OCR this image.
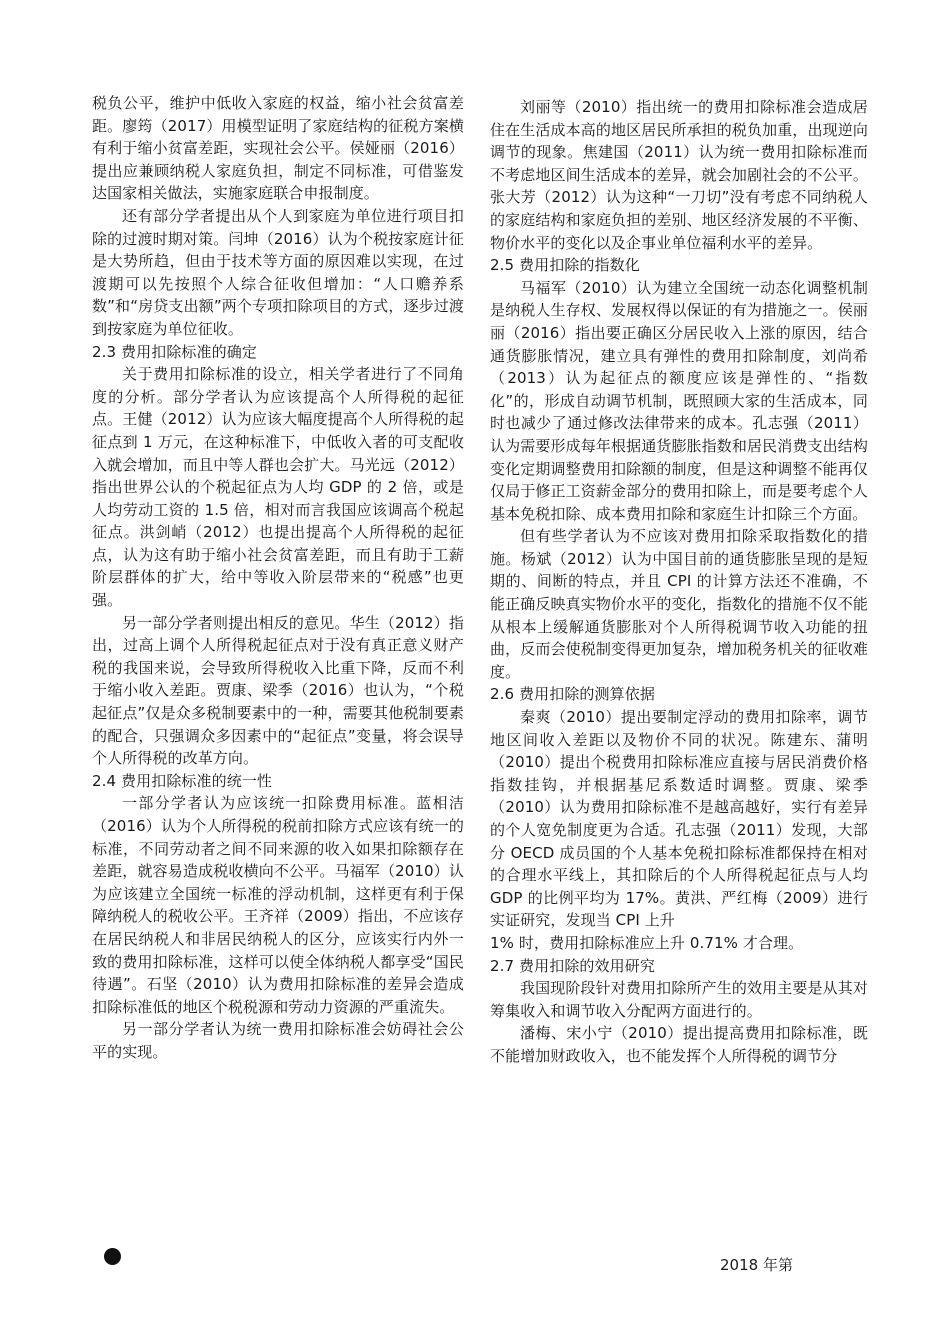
税负公平，维护中低收入家庭的权益，缩小社会贫富差距。廖筠（2017）用模型证明了家庭结构的征税方案横有利于缩小贫富差距，实现社会公平。侯娅丽（2016）提出应兼顾纳税人家庭负担，制定不同标准，可借鉴发达国家相关做法，实施家庭联合申报制度。

还有部分学者提出从个人到家庭为单位进行项目扣除的过渡时期对策。闫坤（2016）认为个税按家庭计征是大势所趋，但由于技术等方面的原因难以实现，在过渡期可以先按照个人综合征收但增加：“人口赡养系数”和“房贷支出额”两个专项扣除项目的方式，逐步过渡到按家庭为单位征收。

2.3 费用扣除标准的确定

关于费用扣除标准的设立，相关学者进行了不同角度的分析。部分学者认为应该提高个人所得税的起征点。王健（2012）认为应该大幅度提高个人所得税的起征点到 1 万元，在这种标准下，中低收入者的可支配收入就会增加，而且中等人群也会扩大。马光远（2012）指出世界公认的个税起征点为人均 GDP 的 2 倍，或是人均劳动工资的 1.5 倍，相对而言我国应该调高个税起征点。洪剑峭（2012）也提出提高个人所得税的起征点，认为这有助于缩小社会贫富差距，而且有助于工薪阶层群体的扩大，给中等收入阶层带来的“税感”也更强。

另一部分学者则提出相反的意见。华生（2012）指出，过高上调个人所得税起征点对于没有真正意义财产税的我国来说，会导致所得税收入比重下降，反而不利于缩小收入差距。贾康、梁季（2016）也认为，“个税起征点”仅是众多税制要素中的一种，需要其他税制要素的配合，只强调众多因素中的“起征点”变量，将会误导个人所得税的改革方向。

2.4 费用扣除标准的统一性

一部分学者认为应该统一扣除费用标准。蓝相洁（2016）认为个人所得税的税前扣除方式应该有统一的标准，不同劳动者之间不同来源的收入如果扣除额存在差距，就容易造成税收横向不公平。马福军（2010）认为应该建立全国统一标准的浮动机制，这样更有利于保障纳税人的税收公平。王齐祥（2009）指出，不应该存在居民纳税人和非居民纳税人的区分，应该实行内外一致的费用扣除标准，这样可以使全体纳税人都享受“国民待遇”。石坚（2010）认为费用扣除标准的差异会造成扣除标准低的地区个税税源和劳动力资源的严重流失。

另一部分学者认为统一费用扣除标准会妨碍社会公平的实现。

刘丽等（2010）指出统一的费用扣除标准会造成居住在生活成本高的地区居民所承担的税负加重，出现逆向调节的现象。焦建国（2011）认为统一费用扣除标准而不考虑地区间生活成本的差异，就会加剧社会的不公平。张大芳（2012）认为这种“一刀切”没有考虑不同纳税人的家庭结构和家庭负担的差别、地区经济发展的不平衡、物价水平的变化以及企事业单位福利水平的差异。

2.5 费用扣除的指数化

马福军（2010）认为建立全国统一动态化调整机制是纳税人生存权、发展权得以保证的有为措施之一。侯丽丽（2016）指出要正确区分居民收入上涨的原因，结合通货膨胀情况，建立具有弹性的费用扣除制度，刘尚希（2013）认为起征点的额度应该是弹性的、“指数化”的，形成自动调节机制，既照顾大家的生活成本，同时也减少了通过修改法律带来的成本。孔志强（2011）认为需要形成每年根据通货膨胀指数和居民消费支出结构变化定期调整费用扣除额的制度，但是这种调整不能再仅仅局于修正工资薪金部分的费用扣除上，而是要考虑个人基本免税扣除、成本费用扣除和家庭生计扣除三个方面。

但有些学者认为不应该对费用扣除采取指数化的措施。杨斌（2012）认为中国目前的通货膨胀呈现的是短期的、间断的特点，并且 CPI 的计算方法还不准确，不能正确反映真实物价水平的变化，指数化的措施不仅不能从根本上缓解通货膨胀对个人所得税调节收入功能的扭曲，反而会使税制变得更加复杂，增加税务机关的征收难度。

2.6 费用扣除的测算依据

秦爽（2010）提出要制定浮动的费用扣除率，调节地区间收入差距以及物价不同的状况。陈建东、蒲明（2010）提出个税费用扣除标准应直接与居民消费价格指数挂钩，并根据基尼系数适时调整。贾康、梁季（2010）认为费用扣除标准不是越高越好，实行有差异的个人宽免制度更为合适。孔志强（2011）发现，大部分 OECD 成员国的个人基本免税扣除标准都保持在相对的合理水平线上，其扣除后的个人所得税起征点与人均 GDP 的比例平均为 17%。黄洪、严红梅（2009）进行实证研究，发现当 CPI 上升

1% 时，费用扣除标准应上升 0.71% 才合理。

2.7 费用扣除的效用研究

我国现阶段针对费用扣除所产生的效用主要是从其对筹集收入和调节收入分配两方面进行的。

潘梅、宋小宁（2010）提出提高费用扣除标准，既不能增加财政收入，也不能发挥个人所得税的调节分

2018 年第
